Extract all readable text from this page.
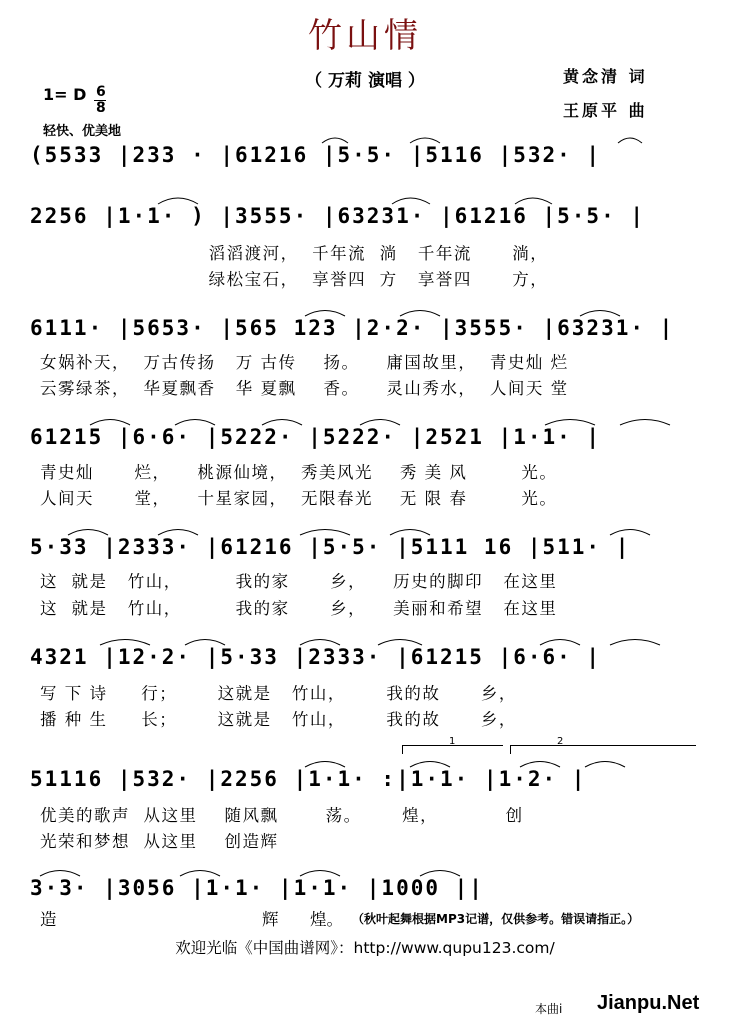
竹山情
（ 万莉 演唱 ）	黄念清 词
王原平 曲
1= D 6
8
轻快、优美地
(5533 |233 · |61216 |5·5· |5116 |532· |
2256 |1·1· ) |3555· |63231· |61216 |5·5· |
滔滔渡河，  千年流  淌   千年流      淌，
绿松宝石，  享誉四  方   享誉四      方，
6111· |5653· |565 123 |2·2· |3555· |63231· |
女娲补天，  万古传扬   万 古传    扬。    庸国故里，  青史灿 烂
云雾绿茶，  华夏飘香   华 夏飘    香。    灵山秀水，  人间天 堂
61215 |6·6· |5222· |5222· |2521 |1·1· |
青史灿      烂，    桃源仙境，  秀美风光    秀 美 风        光。
人间天      堂，    十星家园，  无限春光    无 限 春        光。
5·33 |2333· |61216 |5·5· |5111 16 |511· |
这  就是   竹山，        我的家      乡，    历史的脚印   在这里
这  就是   竹山，        我的家      乡，    美丽和希望   在这里
4321 |12·2· |5·33 |2333· |61215 |6·6· |
写 下 诗     行；      这就是   竹山，      我的故      乡，
播 种 生     长；      这就是   竹山，      我的故      乡，
1	2
51116 |532· |2256 |1·1· :|1·1· |1·2· |
优美的歌声  从这里    随风飘       荡。      煌，          创
光荣和梦想  从这里    创造辉
3·3· |3056 |1·1· |1·1· |1000 ||
造	辉 煌。 （秋叶起舞根据MP3记谱，仅供参考。错误请指正。）
欢迎光临《中国曲谱网》：http://www.qupu123.com/
本曲i Jianpu.Net
